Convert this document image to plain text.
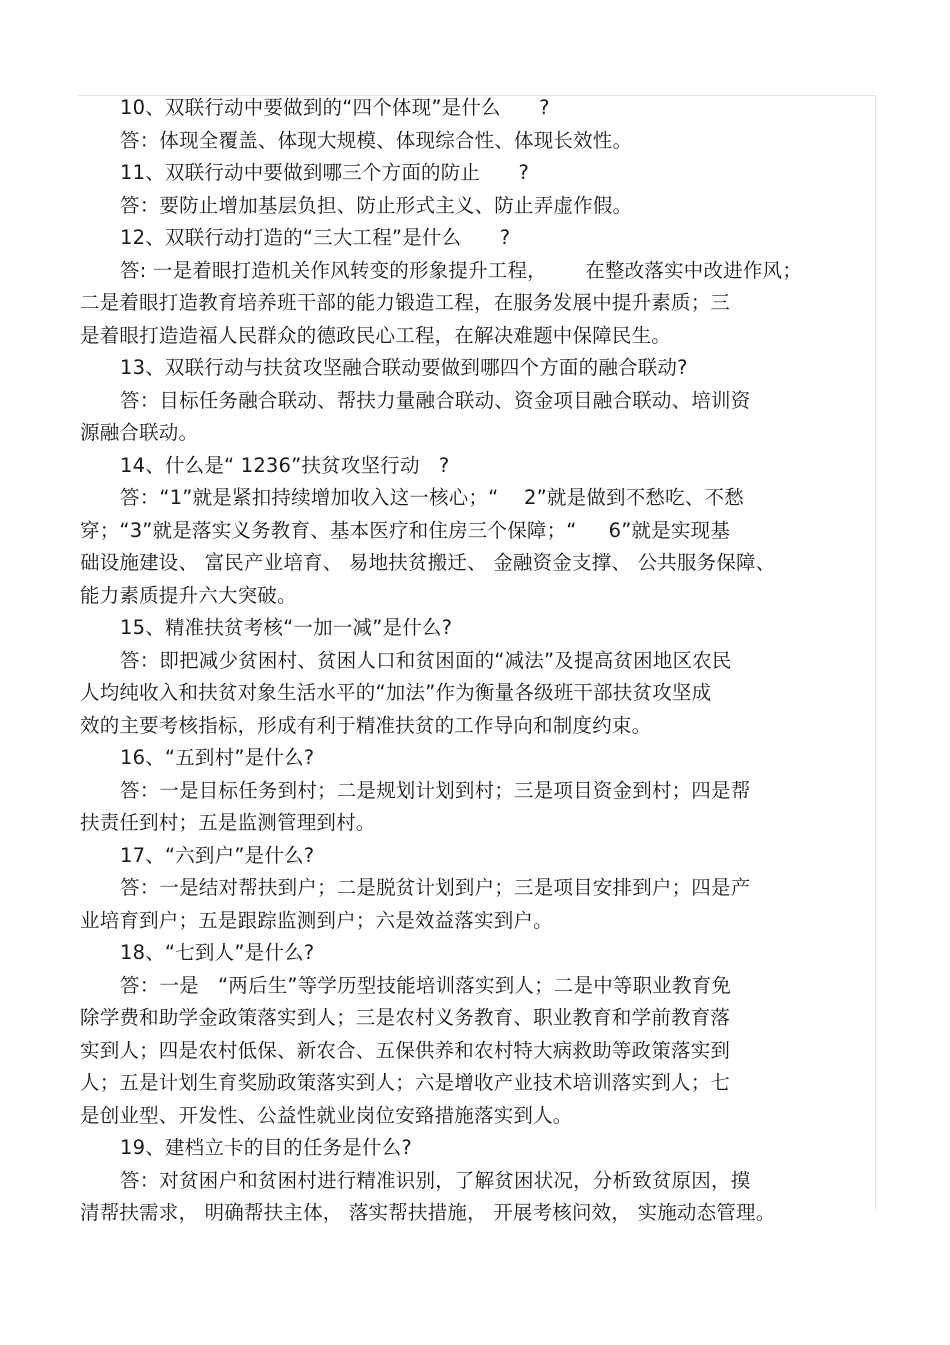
10、双联行动中要做到的“四个体现”是什么      ?
答：体现全覆盖、体现大规模、体现综合性、体现长效性。
11、双联行动中要做到哪三个方面的防止      ?
答：要防止增加基层负担、防止形式主义、防止弄虚作假。
12、双联行动打造的“三大工程”是什么      ?
答: 一是着眼打造机关作风转变的形象提升工程，      在整改落实中改进作风；
二是着眼打造教育培养班干部的能力锻造工程，在服务发展中提升素质；三
是着眼打造造福人民群众的德政民心工程，在解决难题中保障民生。
13、双联行动与扶贫攻坚融合联动要做到哪四个方面的融合联动?
答：目标任务融合联动、帮扶力量融合联动、资金项目融合联动、培训资
源融合联动。
14、什么是“ 1236”扶贫攻坚行动   ?
答：“1”就是紧扣持续增加收入这一核心；“    2”就是做到不愁吃、不愁
穿；“3”就是落实义务教育、基本医疗和住房三个保障；“     6”就是实现基
础设施建设、 富民产业培育、 易地扶贫搬迁、 金融资金支撑、 公共服务保障、
能力素质提升六大突破。
15、精准扶贫考核“一加一减”是什么?
答：即把减少贫困村、贫困人口和贫困面的“减法”及提高贫困地区农民
人均纯收入和扶贫对象生活水平的“加法”作为衡量各级班干部扶贫攻坚成
效的主要考核指标，形成有利于精准扶贫的工作导向和制度约束。
16、“五到村”是什么?
答：一是目标任务到村；二是规划计划到村；三是项目资金到村；四是帮
扶责任到村；五是监测管理到村。
17、“六到户”是什么?
答：一是结对帮扶到户；二是脱贫计划到户；三是项目安排到户；四是产
业培育到户；五是跟踪监测到户；六是效益落实到户。
18、“七到人”是什么?
答：一是   “两后生”等学历型技能培训落实到人；二是中等职业教育免
除学费和助学金政策落实到人；三是农村义务教育、职业教育和学前教育落
实到人；四是农村低保、新农合、五保供养和农村特大病救助等政策落实到
人；五是计划生育奖励政策落实到人；六是增收产业技术培训落实到人；七
是创业型、开发性、公益性就业岗位安臵措施落实到人。
19、建档立卡的目的任务是什么?
答：对贫困户和贫困村进行精准识别，了解贫困状况，分析致贫原因，摸
清帮扶需求， 明确帮扶主体， 落实帮扶措施， 开展考核问效， 实施动态管理。
